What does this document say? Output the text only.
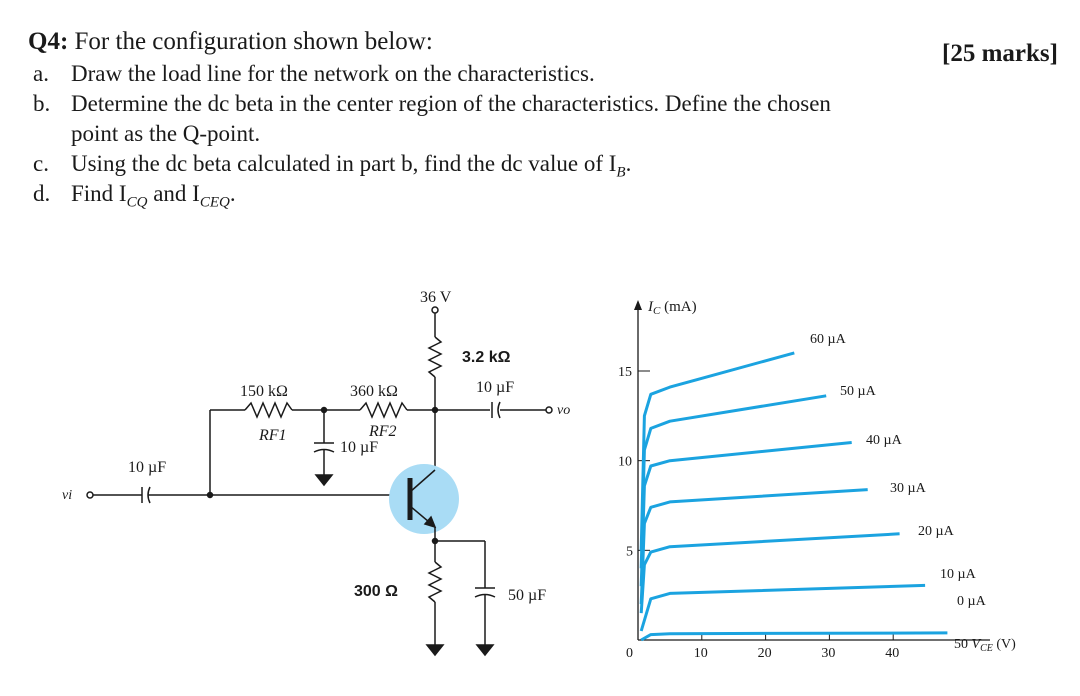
Q4: For the configuration shown below:	[25 marks]
a. Draw the load line for the network on the characteristics.
b. Determine the dc beta in the center region of the characteristics. Define the chosen
point as the Q-point.
c. Using the dc beta calculated in part b, find the dc value of $I_B$.
d. Find $I_{CQ}$ and $I_{CEQ}$.
36 V
3.2 kΩ
10 µF
vo
150 kΩ	360 kΩ
RF1	RF2
10 µF
10 µF
vi
300 Ω	50 µF
$I_C$ (mA)
50 $V_{CE}$ (V)
0	10	20	30	40
5
10
15
0 µA
10 µA
20 µA
30 µA
40 µA
50 µA
60 µA
